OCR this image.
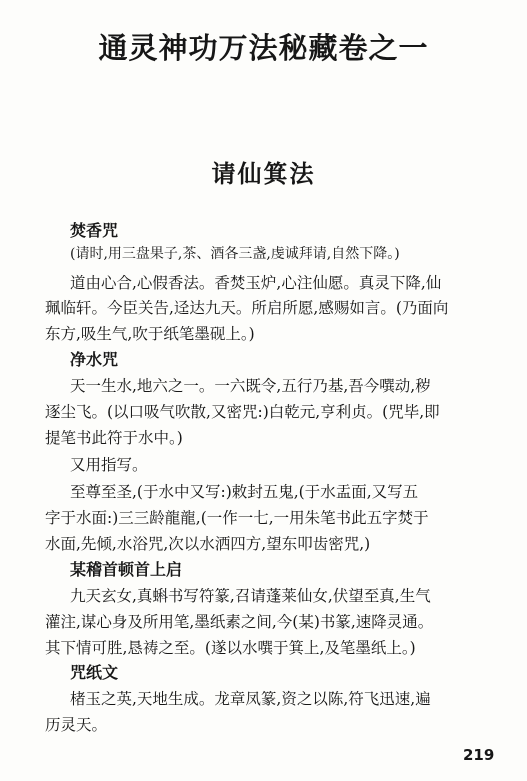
通灵神功万法秘藏卷之一
请仙箕法

焚香咒

(请时,用三盘果子,茶、酒各三盏,虔诚拜请,自然下降。)

道由心合,心假香法。香焚玉炉,心注仙愿。真灵下降,仙

珮临轩。今臣关告,迳达九天。所启所愿,感赐如言。(乃面向

东方,吸生气,吹于纸笔墨砚上。)

净水咒

天一生水,地六之一。一六既令,五行乃基,吾今噀动,秽

逐尘飞。(以口吸气吹散,又密咒:)白乾元,亨利贞。(咒毕,即

提笔书此符于水中。)

又用指写。

至尊至圣,(于水中又写:)敕封五鬼,(于水盂面,又写五

字于水面:)三三龄龍龍,(一作一七,一用朱笔书此五字焚于

水面,先倾,水浴咒,次以水洒四方,望东叩齿密咒,)

某稽首顿首上启

九天玄女,真蝌书写符篆,召请蓬莱仙女,伏望至真,生气

灌注,谋心身及所用笔,墨纸素之间,今(某)书篆,速降灵通。

其下情可胜,恳祷之至。(遂以水噀于箕上,及笔墨纸上。)

咒纸文

楮玉之英,天地生成。龙章凤篆,资之以陈,符飞迅速,遍

历灵天。

219
